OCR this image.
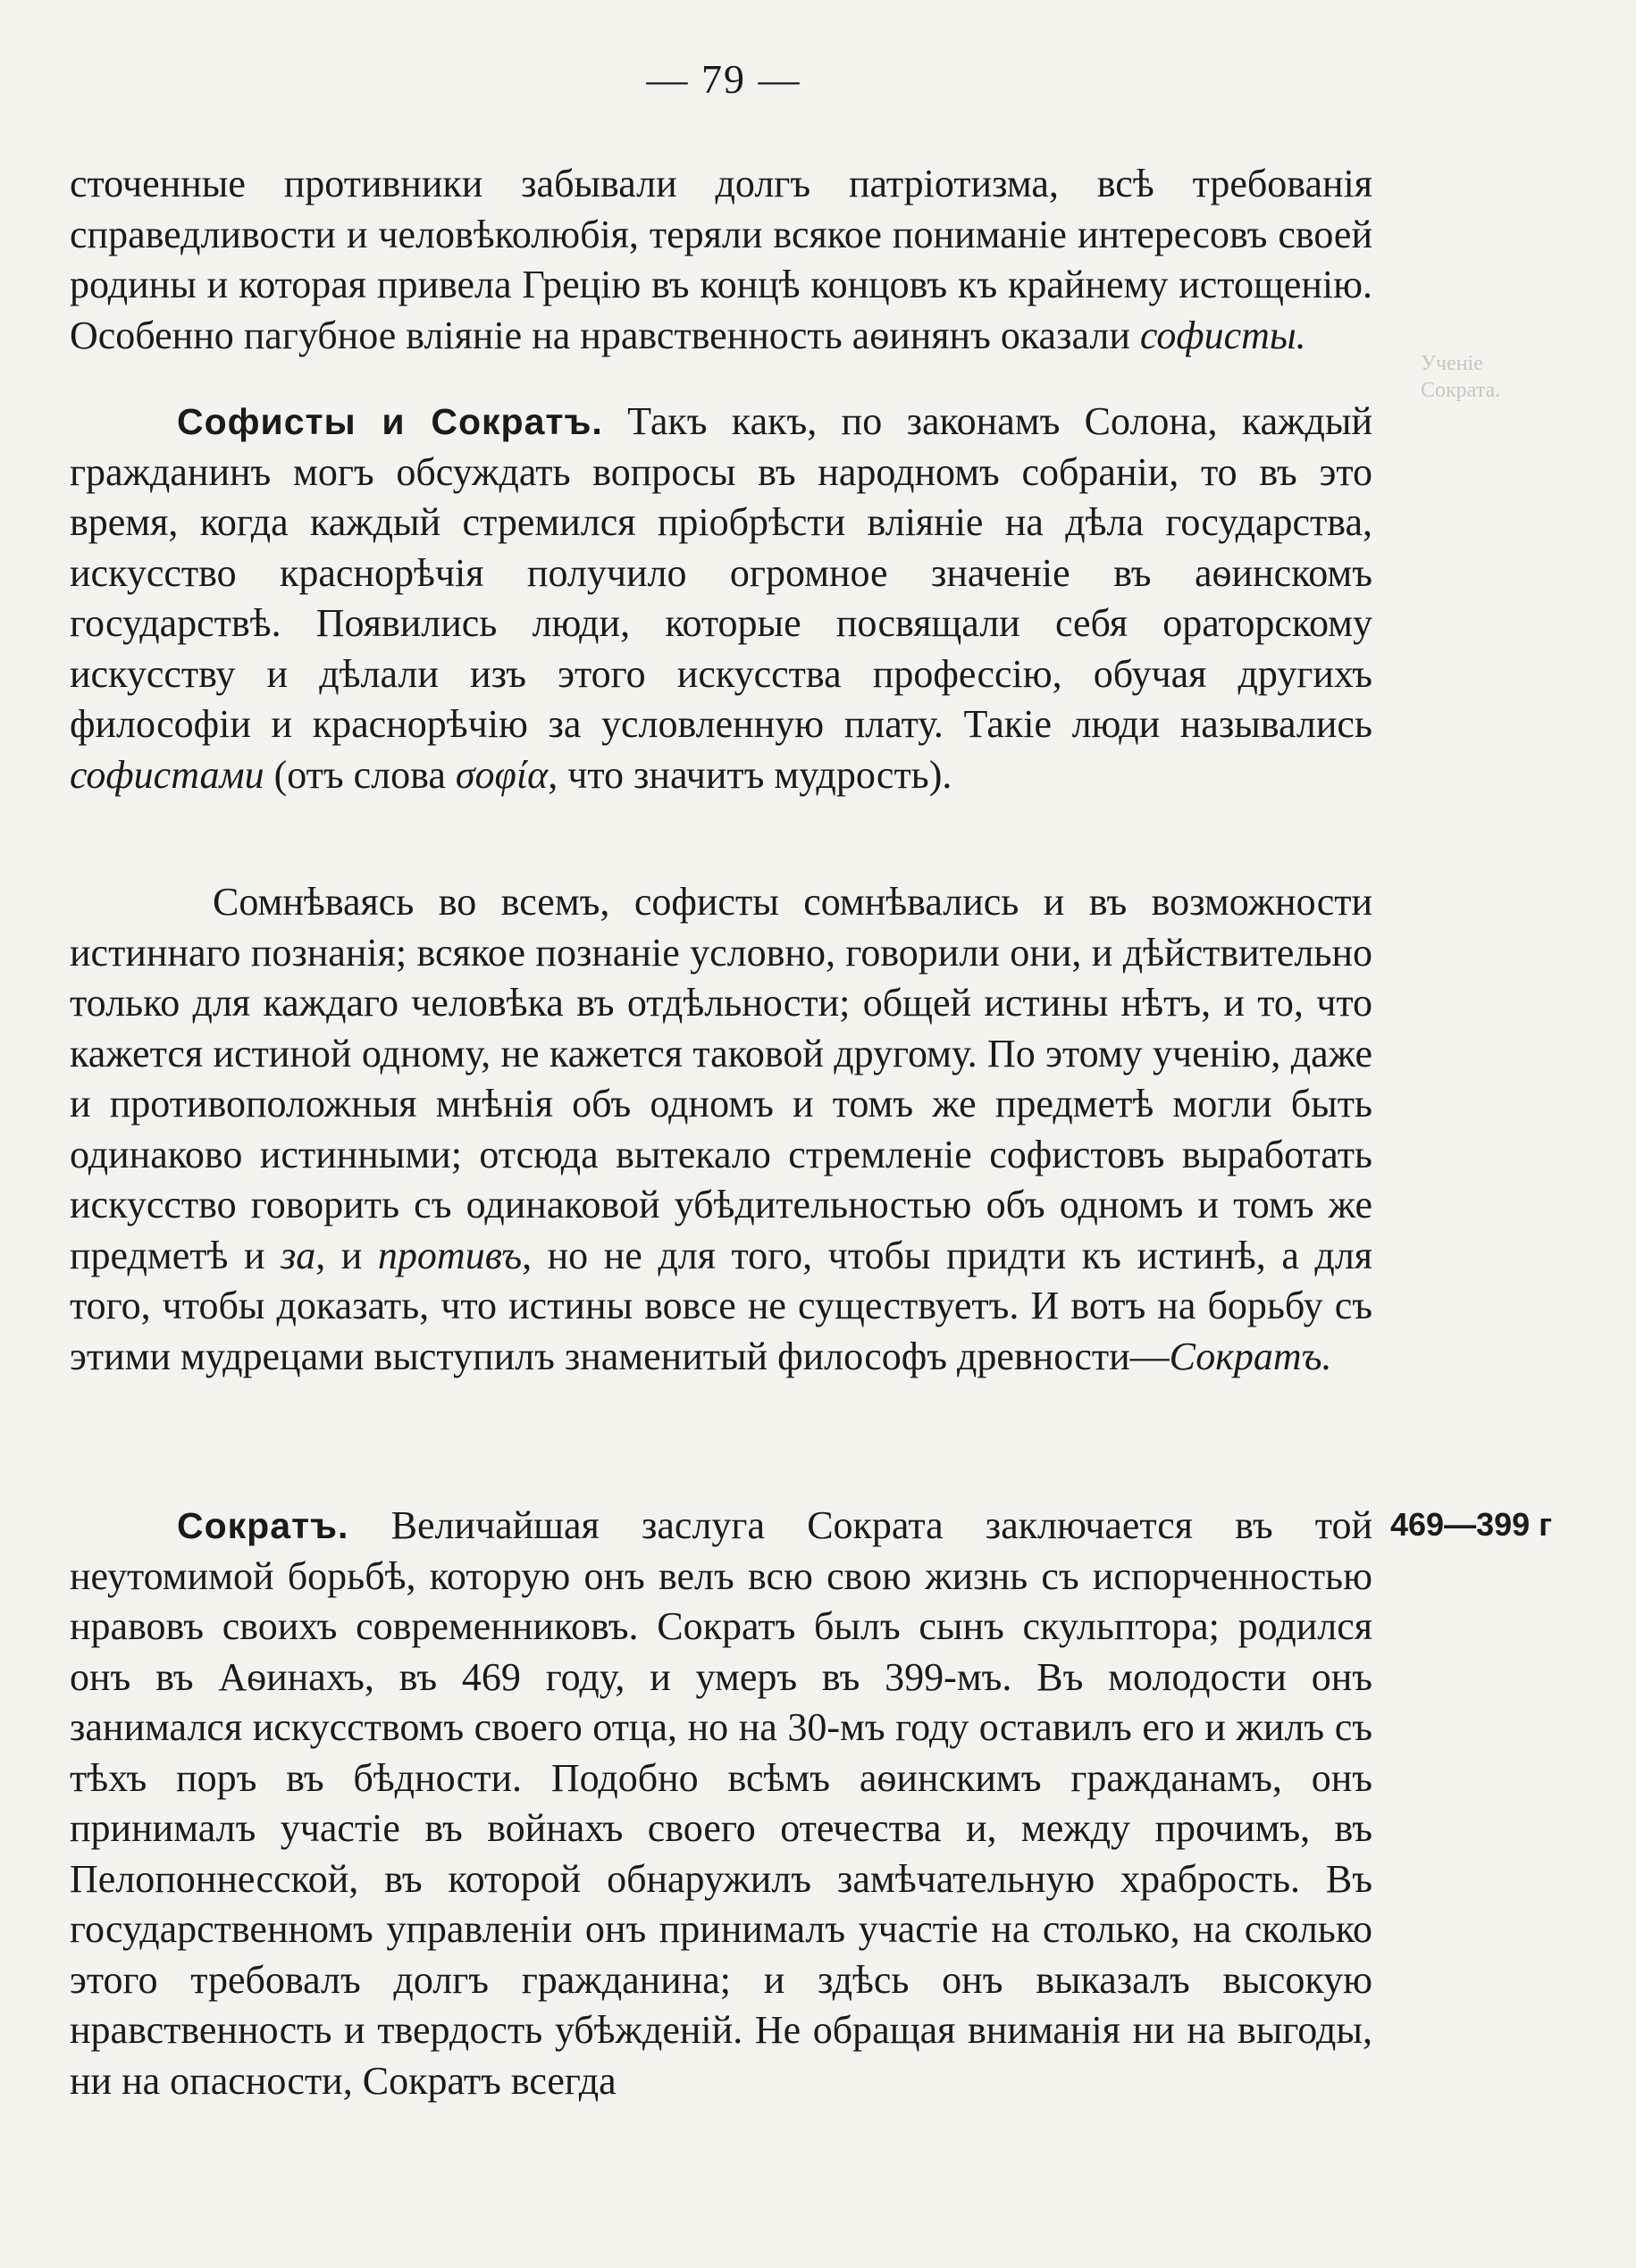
— 79 —

сточенные противники забывали долгъ патріотизма, всѣ требованія справедливости и человѣколюбія, теряли всякое пониманіе интересовъ своей родины и которая привела Грецію въ концѣ концовъ къ крайнему истощенію. Особенно пагубное вліяніе на нравственность аѳинянъ оказали софисты.

Софисты и Сократъ. Такъ какъ, по законамъ Солона, каждый гражданинъ могъ обсуждать вопросы въ народномъ собраніи, то въ это время, когда каждый стремился пріобрѣсти вліяніе на дѣла государства, искусство краснорѣчія получило огромное значеніе въ аѳинскомъ государствѣ. Появились люди, которые посвящали себя ораторскому искусству и дѣлали изъ этого искусства профессію, обучая другихъ философіи и краснорѣчію за условленную плату. Такіе люди назывались софистами (отъ слова σοφία, что значитъ мудрость).

Сомнѣваясь во всемъ, софисты сомнѣвались и въ возможности истиннаго познанія; всякое познаніе условно, говорили они, и дѣйствительно только для каждаго человѣка въ отдѣльности; общей истины нѣтъ, и то, что кажется истиной одному, не кажется таковой другому. По этому ученію, даже и противоположныя мнѣнія объ одномъ и томъ же предметѣ могли быть одинаково истинными; отсюда вытекало стремленіе софистовъ выработать искусство говорить съ одинаковой убѣдительностью объ одномъ и томъ же предметѣ и за, и противъ, но не для того, чтобы придти къ истинѣ, а для того, чтобы доказать, что истины вовсе не существуетъ. И вотъ на борьбу съ этими мудрецами выступилъ знаменитый философъ древности—Сократъ.

Сократъ. Величайшая заслуга Сократа заключается въ той неутомимой борьбѣ, которую онъ велъ всю свою жизнь съ испорченностью нравовъ своихъ современниковъ. Сократъ былъ сынъ скульптора; родился онъ въ Аѳинахъ, въ 469 году, и умеръ въ 399-мъ. Въ молодости онъ занимался искусствомъ своего отца, но на 30-мъ году оставилъ его и жилъ съ тѣхъ поръ въ бѣдности. Подобно всѣмъ аѳинскимъ гражданамъ, онъ принималъ участіе въ войнахъ своего отечества и, между прочимъ, въ Пелопоннесской, въ которой обнаружилъ замѣчательную храбрость. Въ государственномъ управленіи онъ принималъ участіе на столько, на сколько этого требовалъ долгъ гражданина; и здѣсь онъ выказалъ высокую нравственность и твердость убѣжденій. Не обращая вниманія ни на выгоды, ни на опасности, Сократъ всегда

469—399 г
Ученіе
Сократа.
